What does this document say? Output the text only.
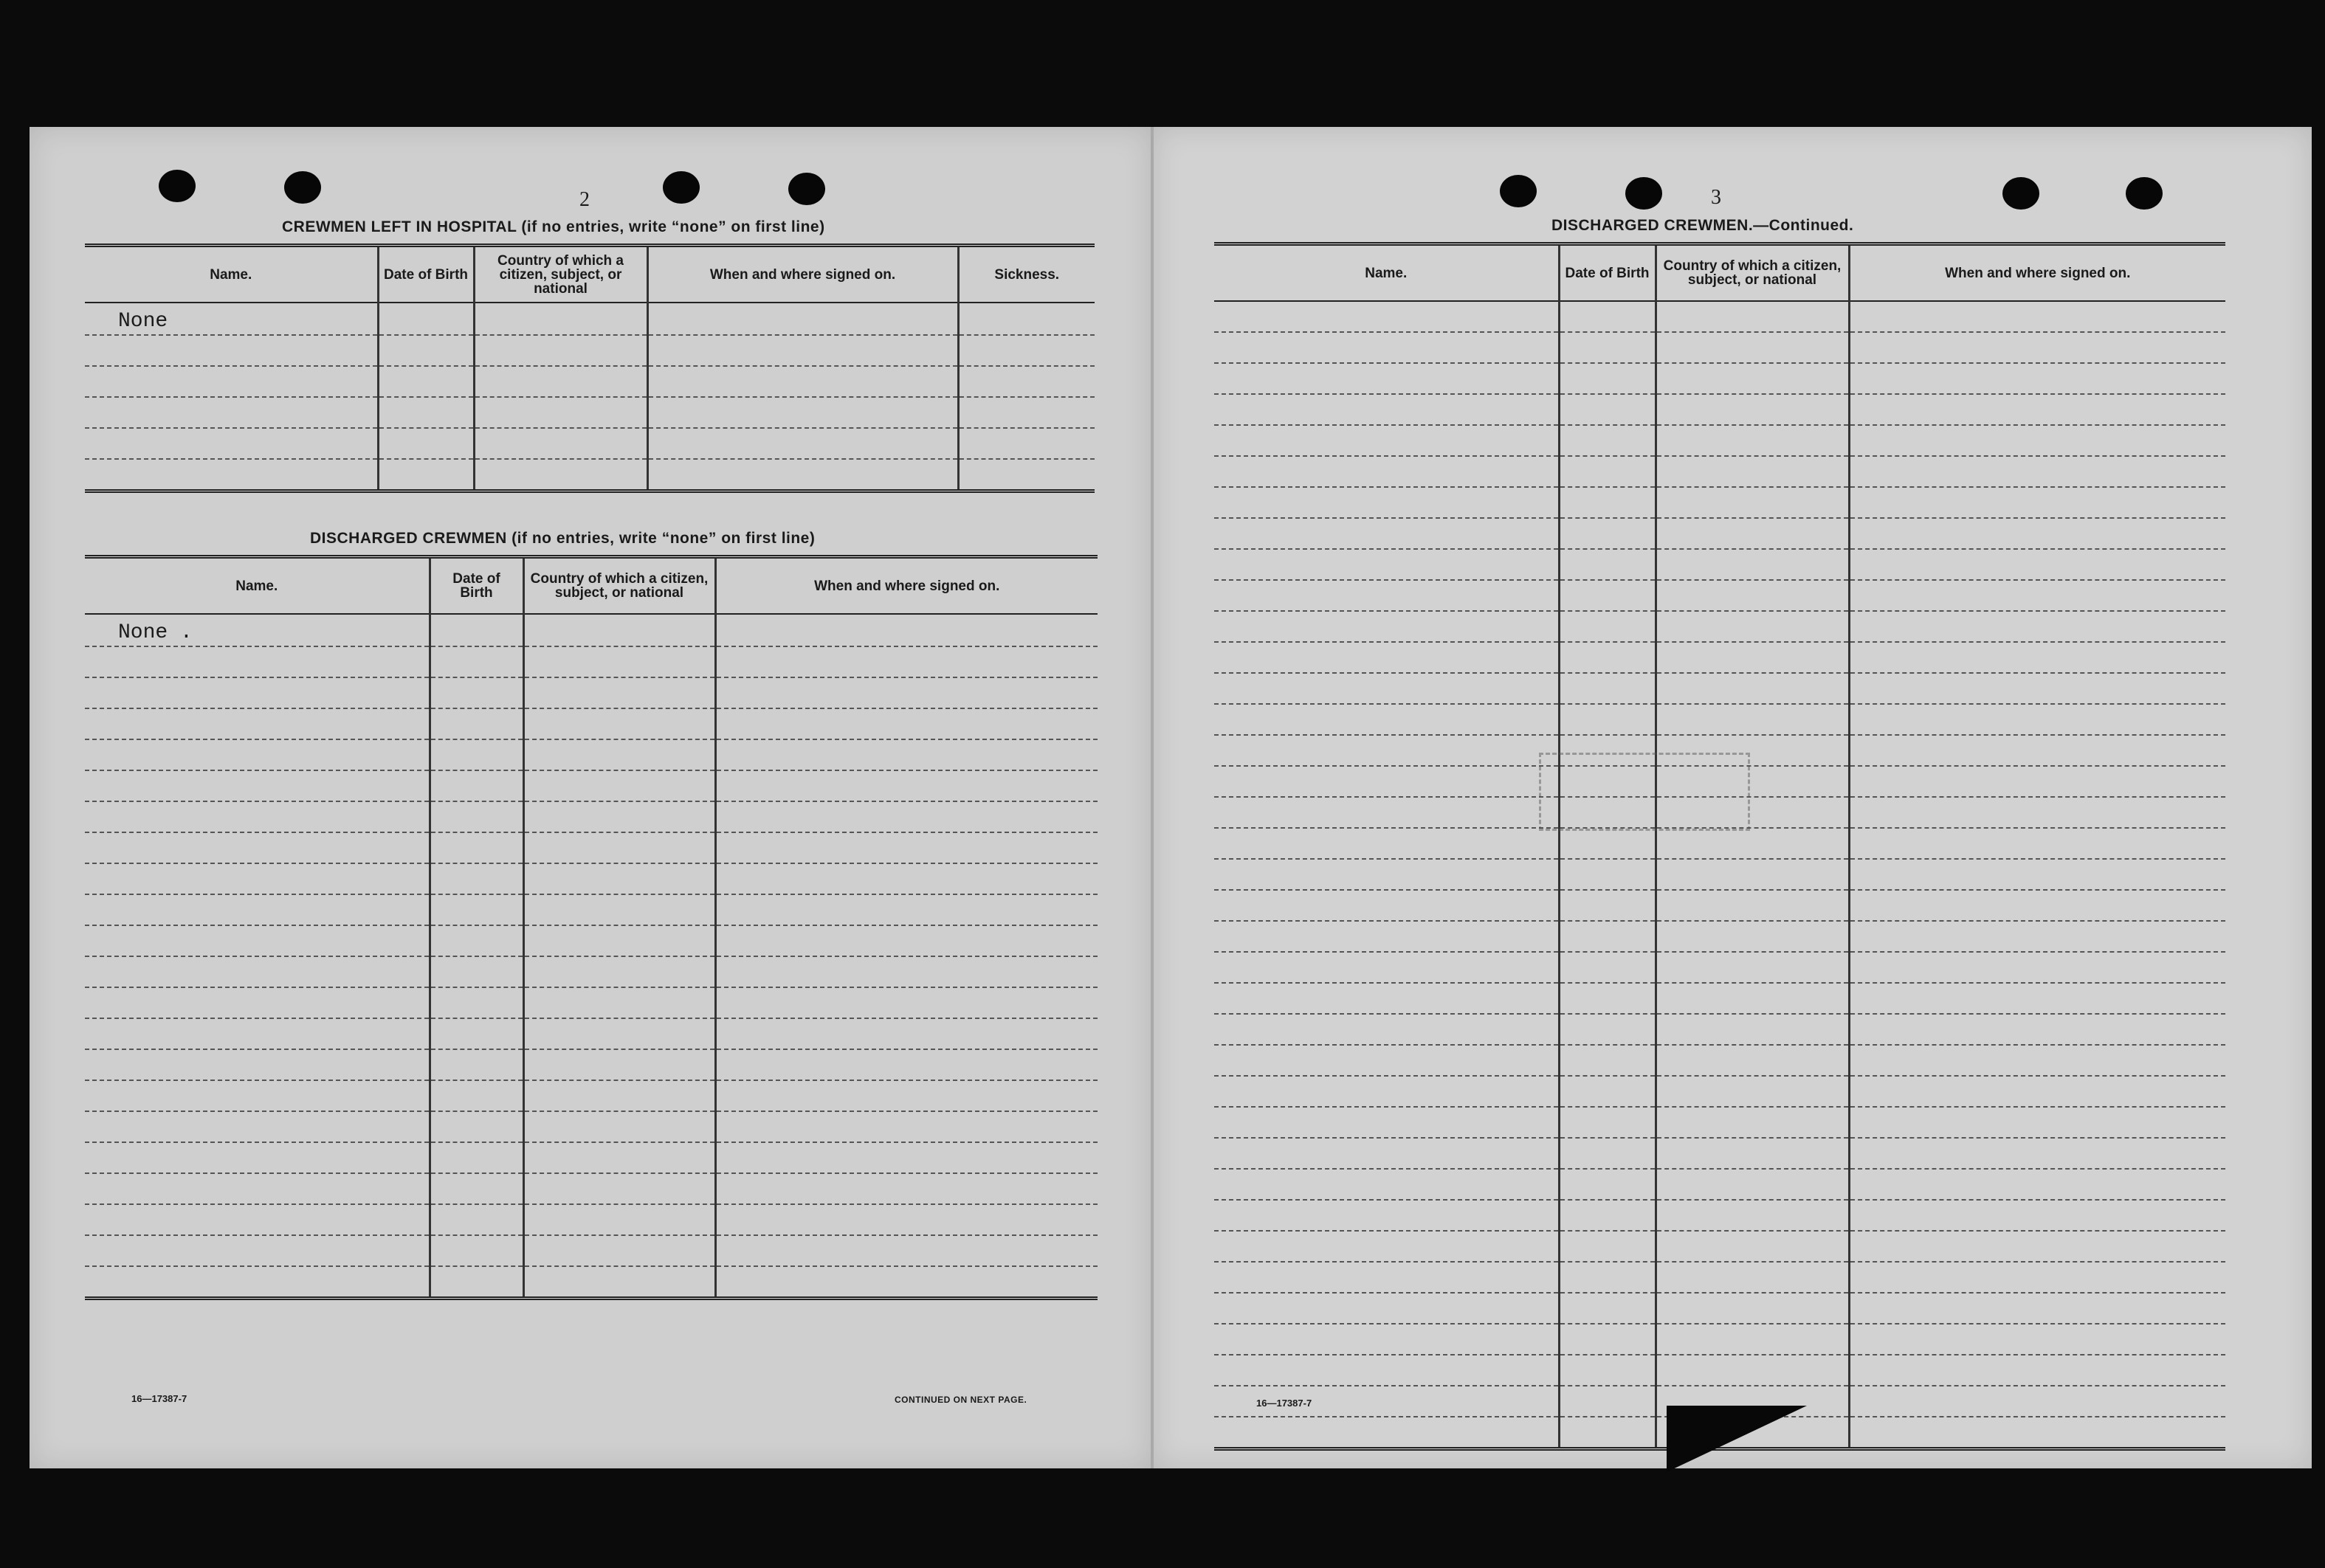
2
CREWMEN LEFT IN HOSPITAL (if no entries, write “none” on first line)
Name.	Date of Birth	Country of which a citizen, subject, or national	When and where signed on.	Sickness.
None				

DISCHARGED CREWMEN (if no entries, write “none” on first line)
Name.	Date of Birth	Country of which a citizen, subject, or national	When and where signed on.
None .			

16—17387-7	CONTINUED ON NEXT PAGE.
3
DISCHARGED CREWMEN.—Continued.
Name.	Date of Birth	Country of which a citizen, subject, or national	When and where signed on.

16—17387-7
